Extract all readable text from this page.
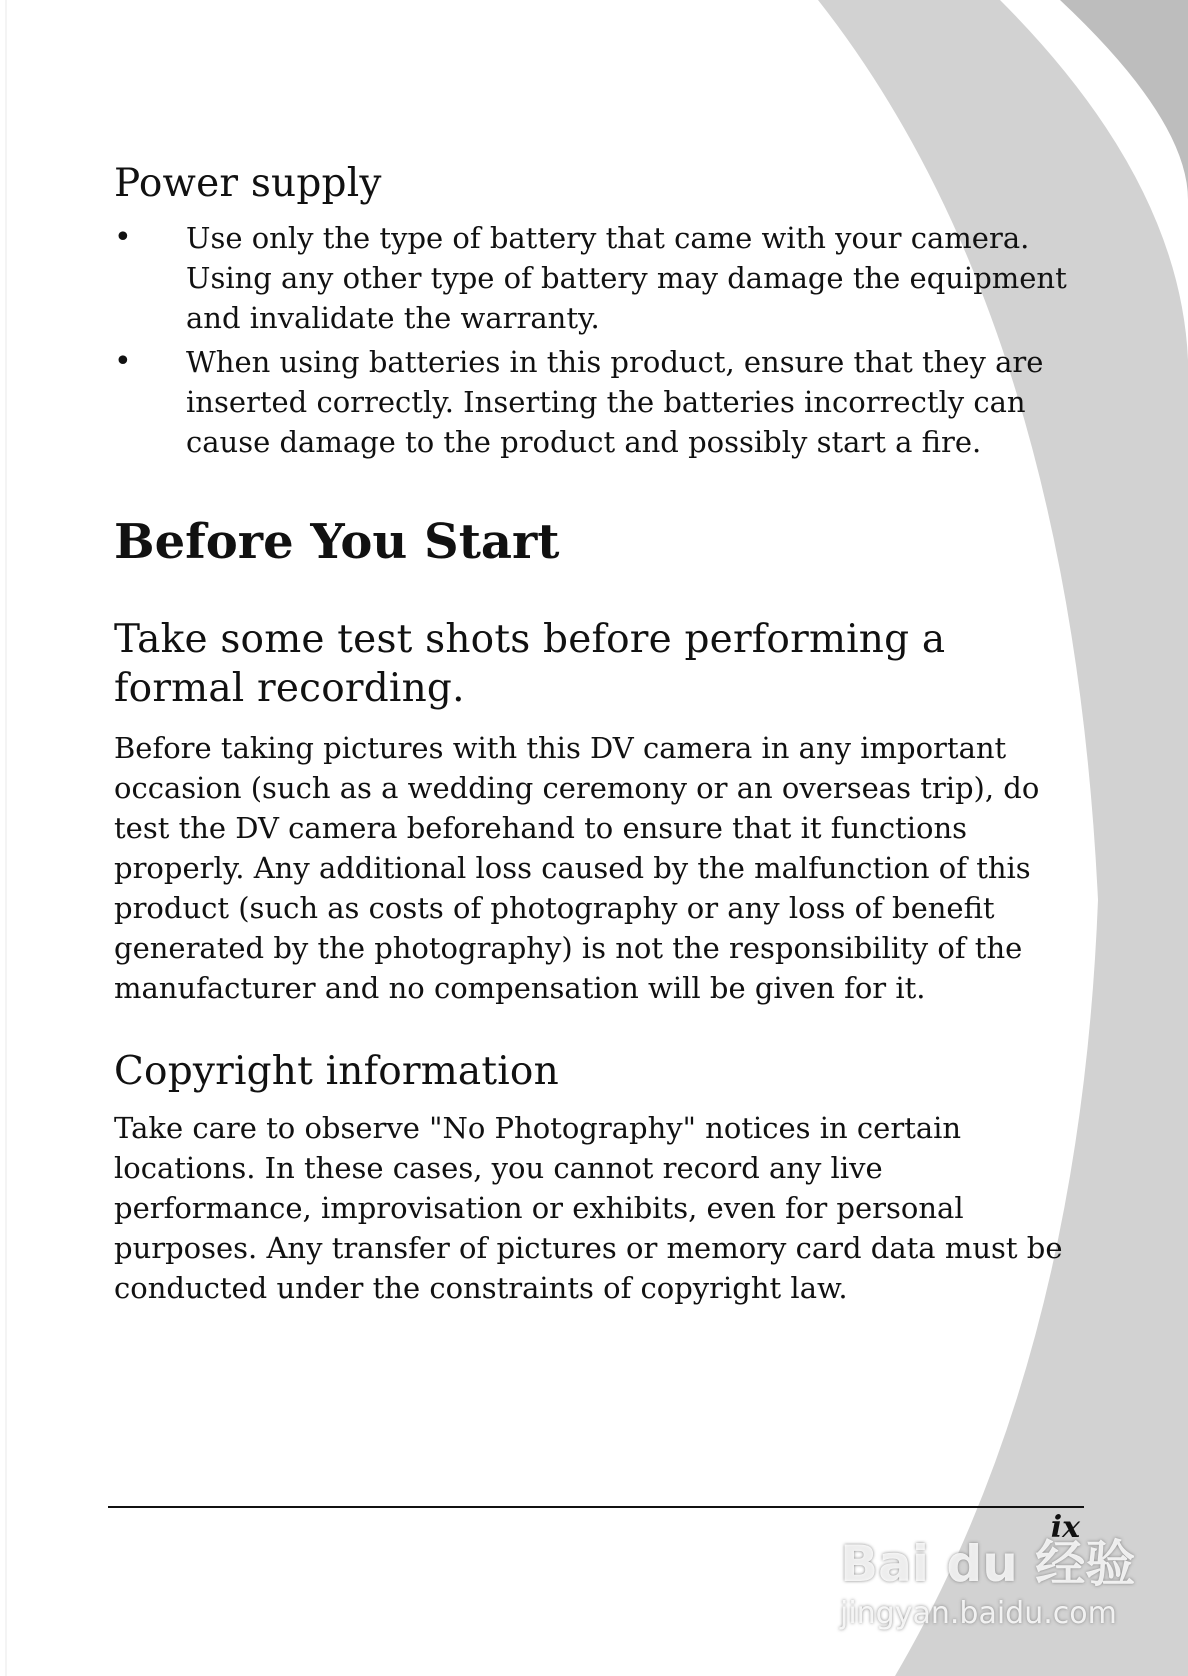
Power supply
•	Use only the type of battery that came with your camera. Using any other type of battery may damage the equipment and invalidate the warranty.
•	When using batteries in this product, ensure that they are inserted correctly. Inserting the batteries incorrectly can cause damage to the product and possibly start a fire.
Before You Start
Take some test shots before performing a formal recording.

Before taking pictures with this DV camera in any important occasion (such as a wedding ceremony or an overseas trip), do test the DV camera beforehand to ensure that it functions properly. Any additional loss caused by the malfunction of this product (such as costs of photography or any loss of benefit generated by the photography) is not the responsibility of the manufacturer and no compensation will be given for it.

Copyright information

Take care to observe "No Photography" notices in certain locations. In these cases, you cannot record any live performance, improvisation or exhibits, even for personal purposes. Any transfer of pictures or memory card data must be conducted under the constraints of copyright law.

ix
Bai du 经验
jingyan.baidu.com
